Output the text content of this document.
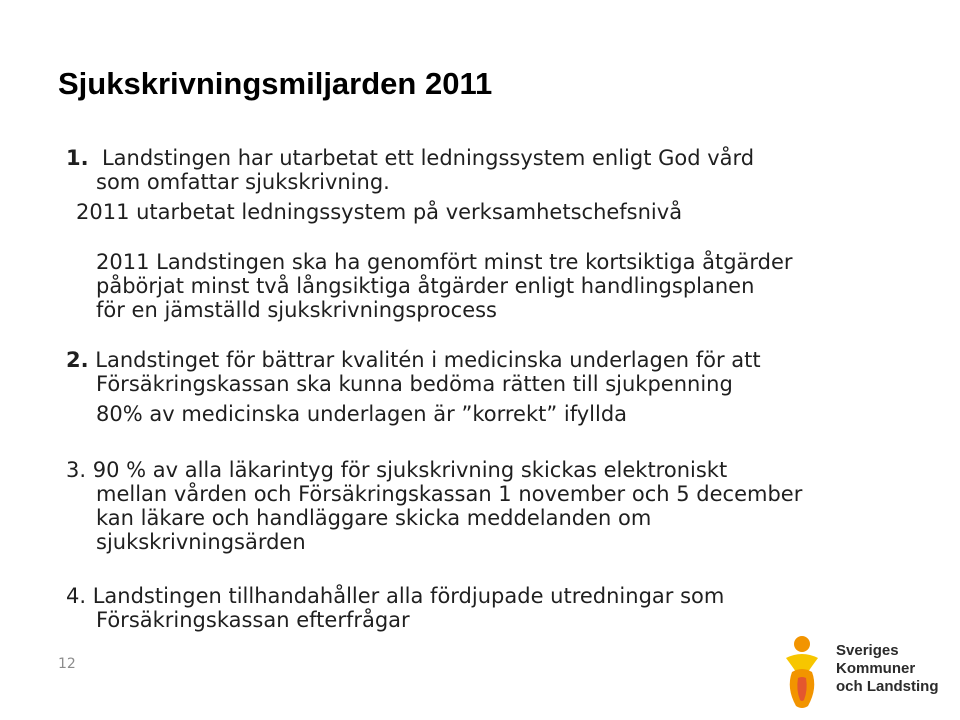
Sjukskrivningsmiljarden 2011

1. Landstingen har utarbetat ett ledningssystem enligt God vård

som omfattar sjukskrivning.

2011 utarbetat ledningssystem på verksamhetschefsnivå

2011 Landstingen ska ha genomfört minst tre kortsiktiga åtgärder

påbörjat minst två långsiktiga åtgärder enligt handlingsplanen

för en jämställd sjukskrivningsprocess

2. Landstinget för bättrar kvalitén i medicinska underlagen för att

Försäkringskassan ska kunna bedöma rätten till sjukpenning

80% av medicinska underlagen är ”korrekt” ifyllda

3. 90 % av alla läkarintyg för sjukskrivning skickas elektroniskt

mellan vården och Försäkringskassan 1 november och 5 december

kan läkare och handläggare skicka meddelanden om

sjukskrivningsärden

4. Landstingen tillhandahåller alla fördjupade utredningar som

Försäkringskassan efterfrågar

12
Sveriges
Kommuner
och Landsting
